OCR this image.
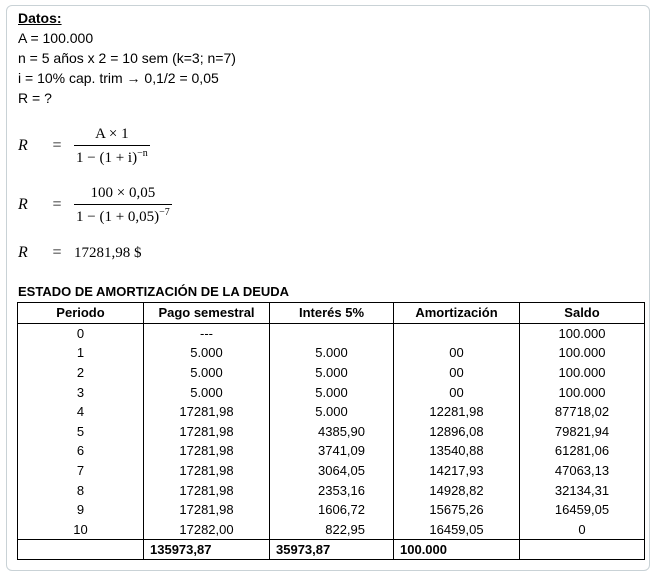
Datos:
A = 100.000
n = 5 años x 2 = 10 sem (k=3; n=7)
i = 10% cap. trim → 0,1/2 = 0,05
R = ?
R	= $\frac{A \times 1}{1 - (1 + i)^{-n}}$
R	= $\frac{100 \times 0,05}{1 - (1 + 0,05)^{-7}}$
R	= 17281,98 $
ESTADO DE AMORTIZACIÓN DE LA DEUDA
Periodo	Pago semestral	Interés 5%	Amortización	Saldo
0	---			100.000
1	5.000	5.000	00	100.000
2	5.000	5.000	00	100.000
3	5.000	5.000	00	100.000
4	17281,98	5.000	12281,98	87718,02
5	17281,98	4385,90	12896,08	79821,94
6	17281,98	3741,09	13540,88	61281,06
7	17281,98	3064,05	14217,93	47063,13
8	17281,98	2353,16	14928,82	32134,31
9	17281,98	1606,72	15675,26	16459,05
10	17282,00	822,95	16459,05	0
	135973,87	35973,87	100.000	
